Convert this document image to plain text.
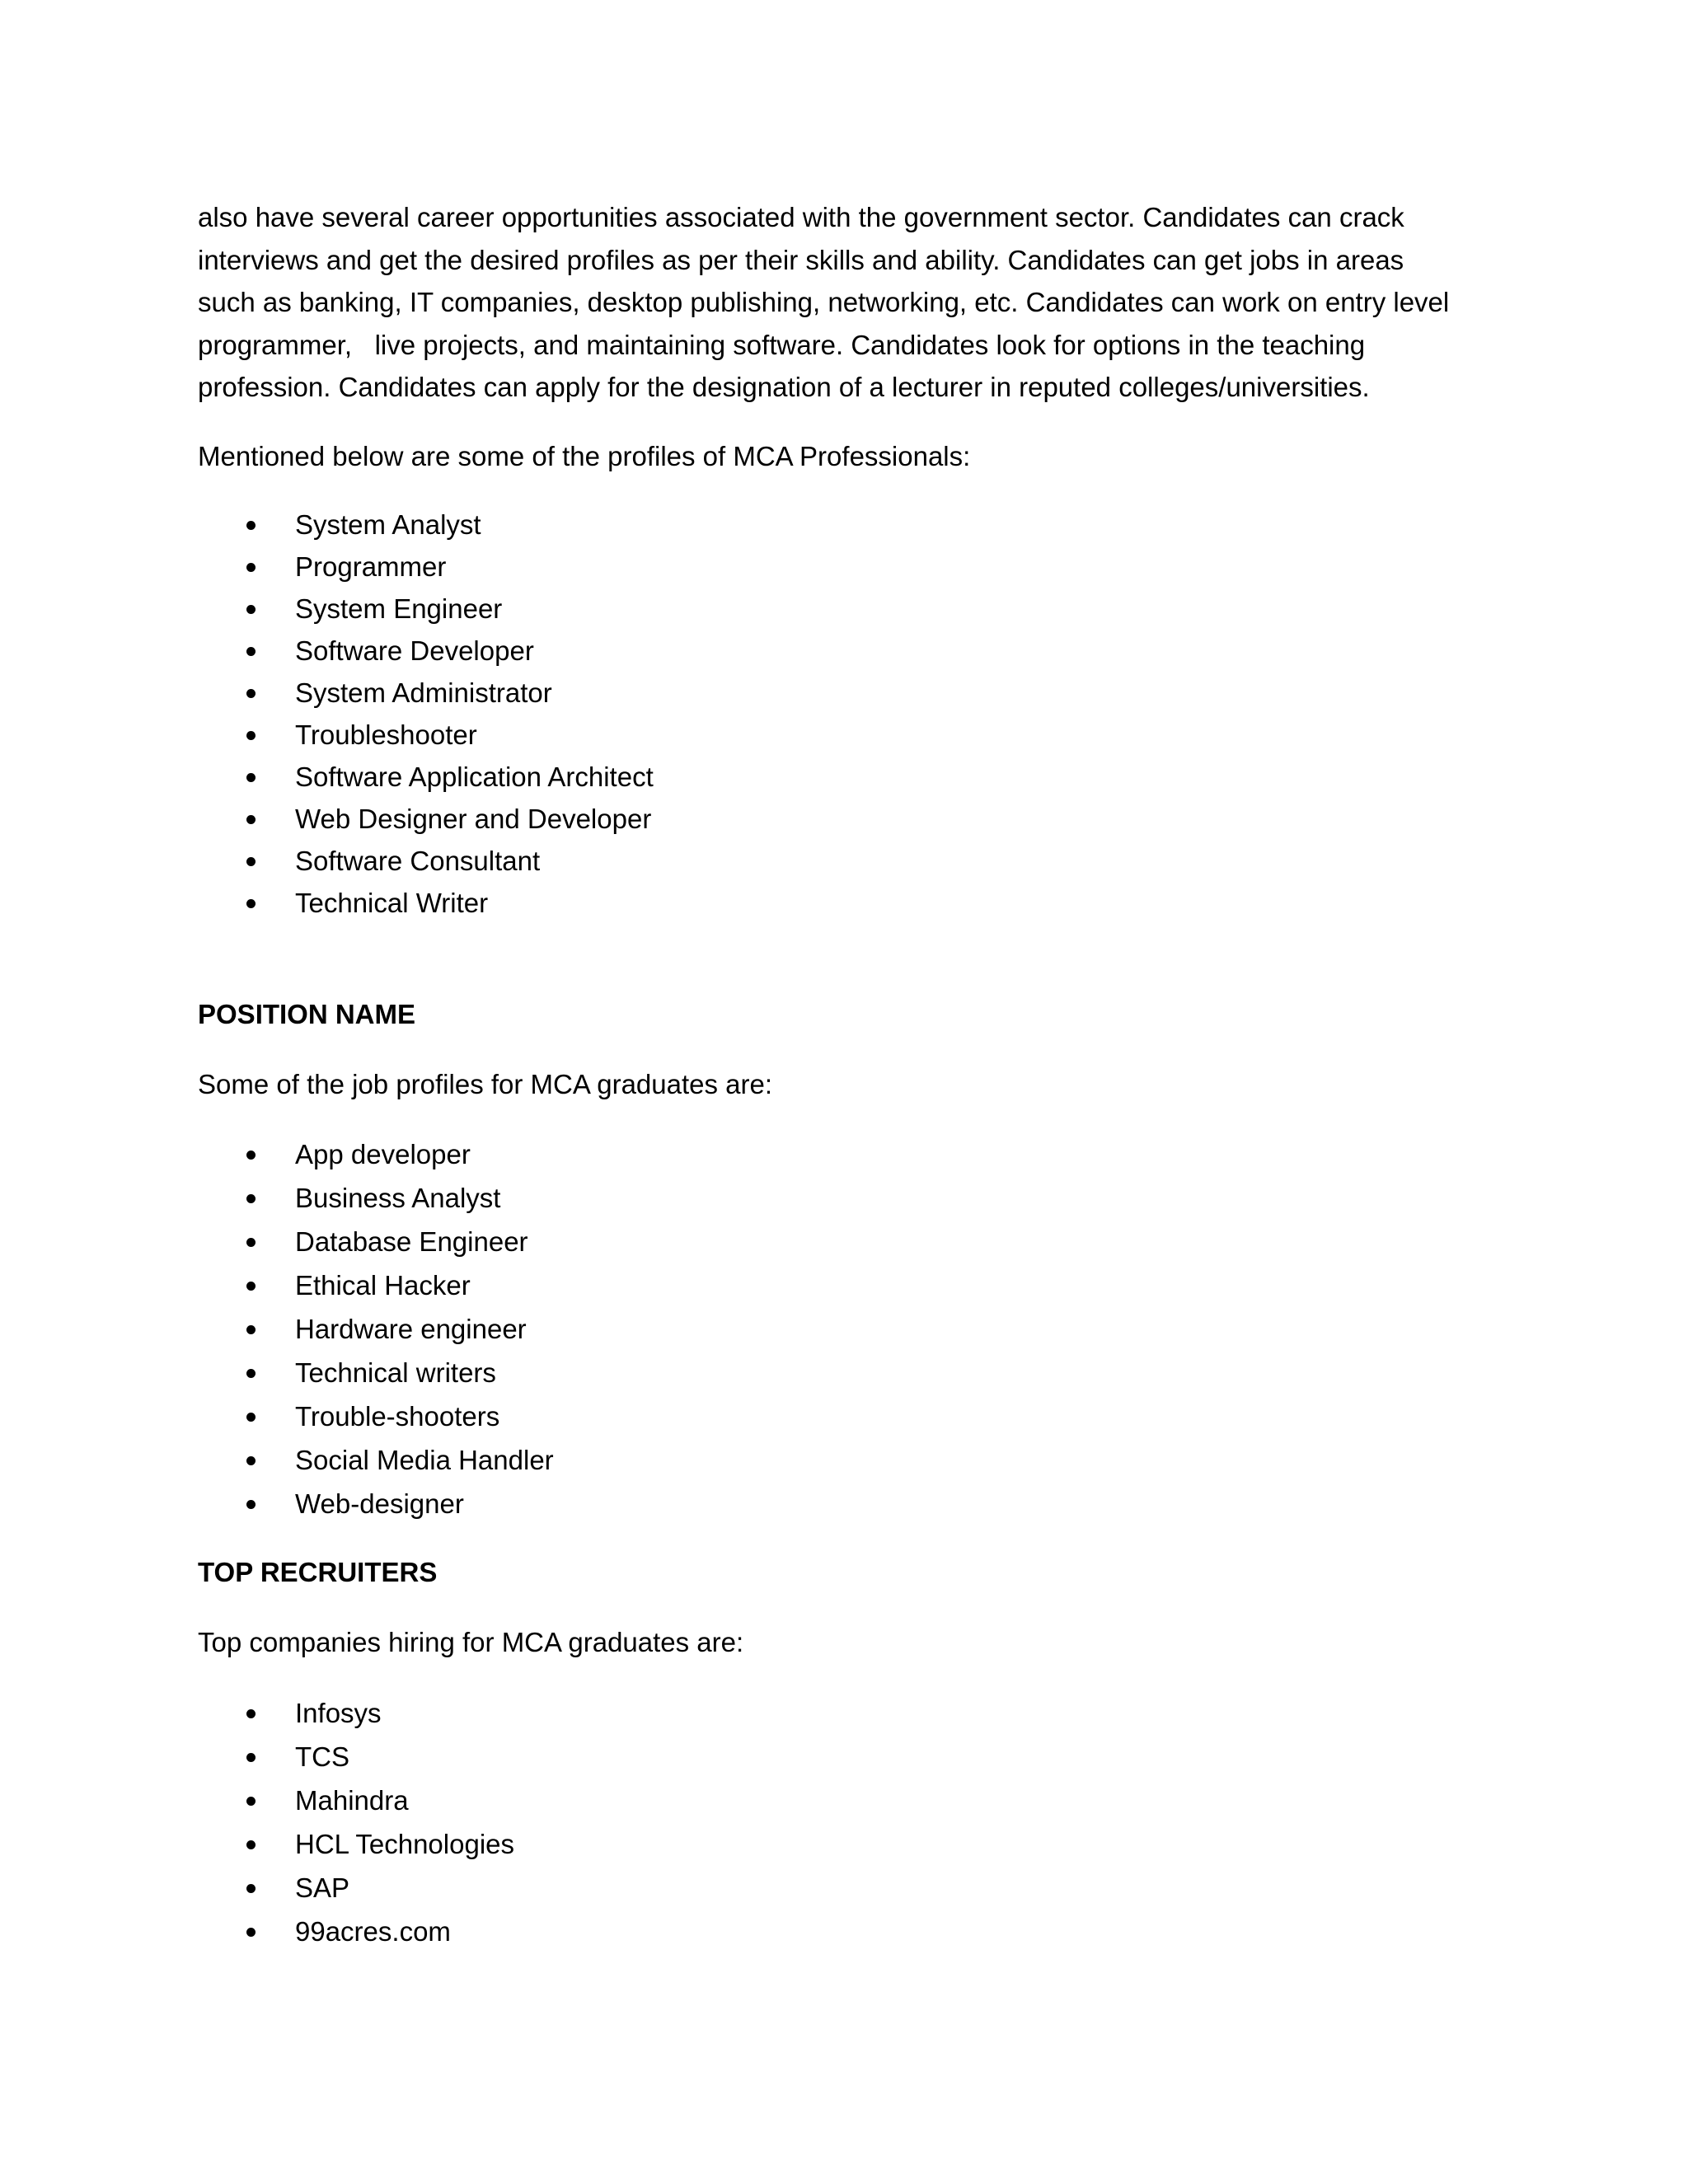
also have several career opportunities associated with the government sector. Candidates can crack
interviews and get the desired profiles as per their skills and ability. Candidates can get jobs in areas
such as banking, IT companies, desktop publishing, networking, etc. Candidates can work on entry level
programmer,   live projects, and maintaining software. Candidates look for options in the teaching
profession. Candidates can apply for the designation of a lecturer in reputed colleges/universities.

Mentioned below are some of the profiles of MCA Professionals:

System Analyst
Programmer
System Engineer
Software Developer
System Administrator
Troubleshooter
Software Application Architect
Web Designer and Developer
Software Consultant
Technical Writer
POSITION NAME

Some of the job profiles for MCA graduates are:

App developer
Business Analyst
Database Engineer
Ethical Hacker
Hardware engineer
Technical writers
Trouble-shooters
Social Media Handler
Web-designer
TOP RECRUITERS

Top companies hiring for MCA graduates are:

Infosys
TCS
Mahindra
HCL Technologies
SAP
99acres.com
